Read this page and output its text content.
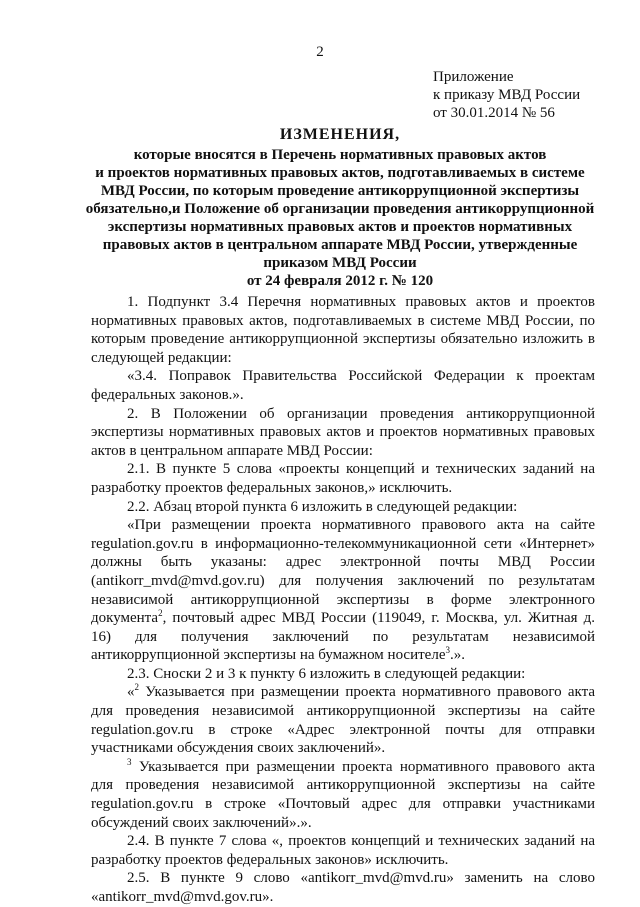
2
Приложение
к приказу МВД России
от 30.01.2014 № 56
ИЗМЕНЕНИЯ,
которые вносятся в Перечень нормативных правовых актов
и проектов нормативных правовых актов, подготавливаемых в системе
МВД России, по которым проведение антикоррупционной экспертизы
обязательно,и Положение об организации проведения антикоррупционной
экспертизы нормативных правовых актов и проектов нормативных
правовых актов в центральном аппарате МВД России, утвержденные
приказом МВД России
от 24 февраля 2012 г. № 120

1. Подпункт 3.4 Перечня нормативных правовых актов и проектов нормативных правовых актов, подготавливаемых в системе МВД России, по которым проведение антикоррупционной экспертизы обязательно изложить в следующей редакции:

«3.4. Поправок Правительства Российской Федерации к проектам федеральных законов.».

2. В Положении об организации проведения антикоррупционной экспертизы нормативных правовых актов и проектов нормативных правовых актов в центральном аппарате МВД России:

2.1. В пункте 5 слова «проекты концепций и технических заданий на разработку проектов федеральных законов,» исключить.

2.2. Абзац второй пункта 6 изложить в следующей редакции:

«При размещении проекта нормативного правового акта на сайте regulation.gov.ru в информационно-телекоммуникационной сети «Интернет» должны быть указаны: адрес электронной почты МВД России (antikorr_mvd@mvd.gov.ru) для получения заключений по результатам независимой антикоррупционной экспертизы в форме электронного документа$^2$, почтовый адрес МВД России (119049, г. Москва, ул. Житная д. 16) для получения заключений по результатам независимой антикоррупционной экспертизы на бумажном носителе$^3$.».

2.3. Сноски 2 и 3 к пункту 6 изложить в следующей редакции:

«$^2$ Указывается при размещении проекта нормативного правового акта для проведения независимой антикоррупционной экспертизы на сайте regulation.gov.ru в строке «Адрес электронной почты для отправки участниками обсуждения своих заключений».

$^3$ Указывается при размещении проекта нормативного правового акта для проведения независимой антикоррупционной экспертизы на сайте regulation.gov.ru в строке «Почтовый адрес для отправки участниками обсуждений своих заключений».».

2.4. В пункте 7 слова «, проектов концепций и технических заданий на разработку проектов федеральных законов» исключить.

2.5. В пункте 9 слово «antikorr_mvd@mvd.ru» заменить на слово «antikorr_mvd@mvd.gov.ru».
